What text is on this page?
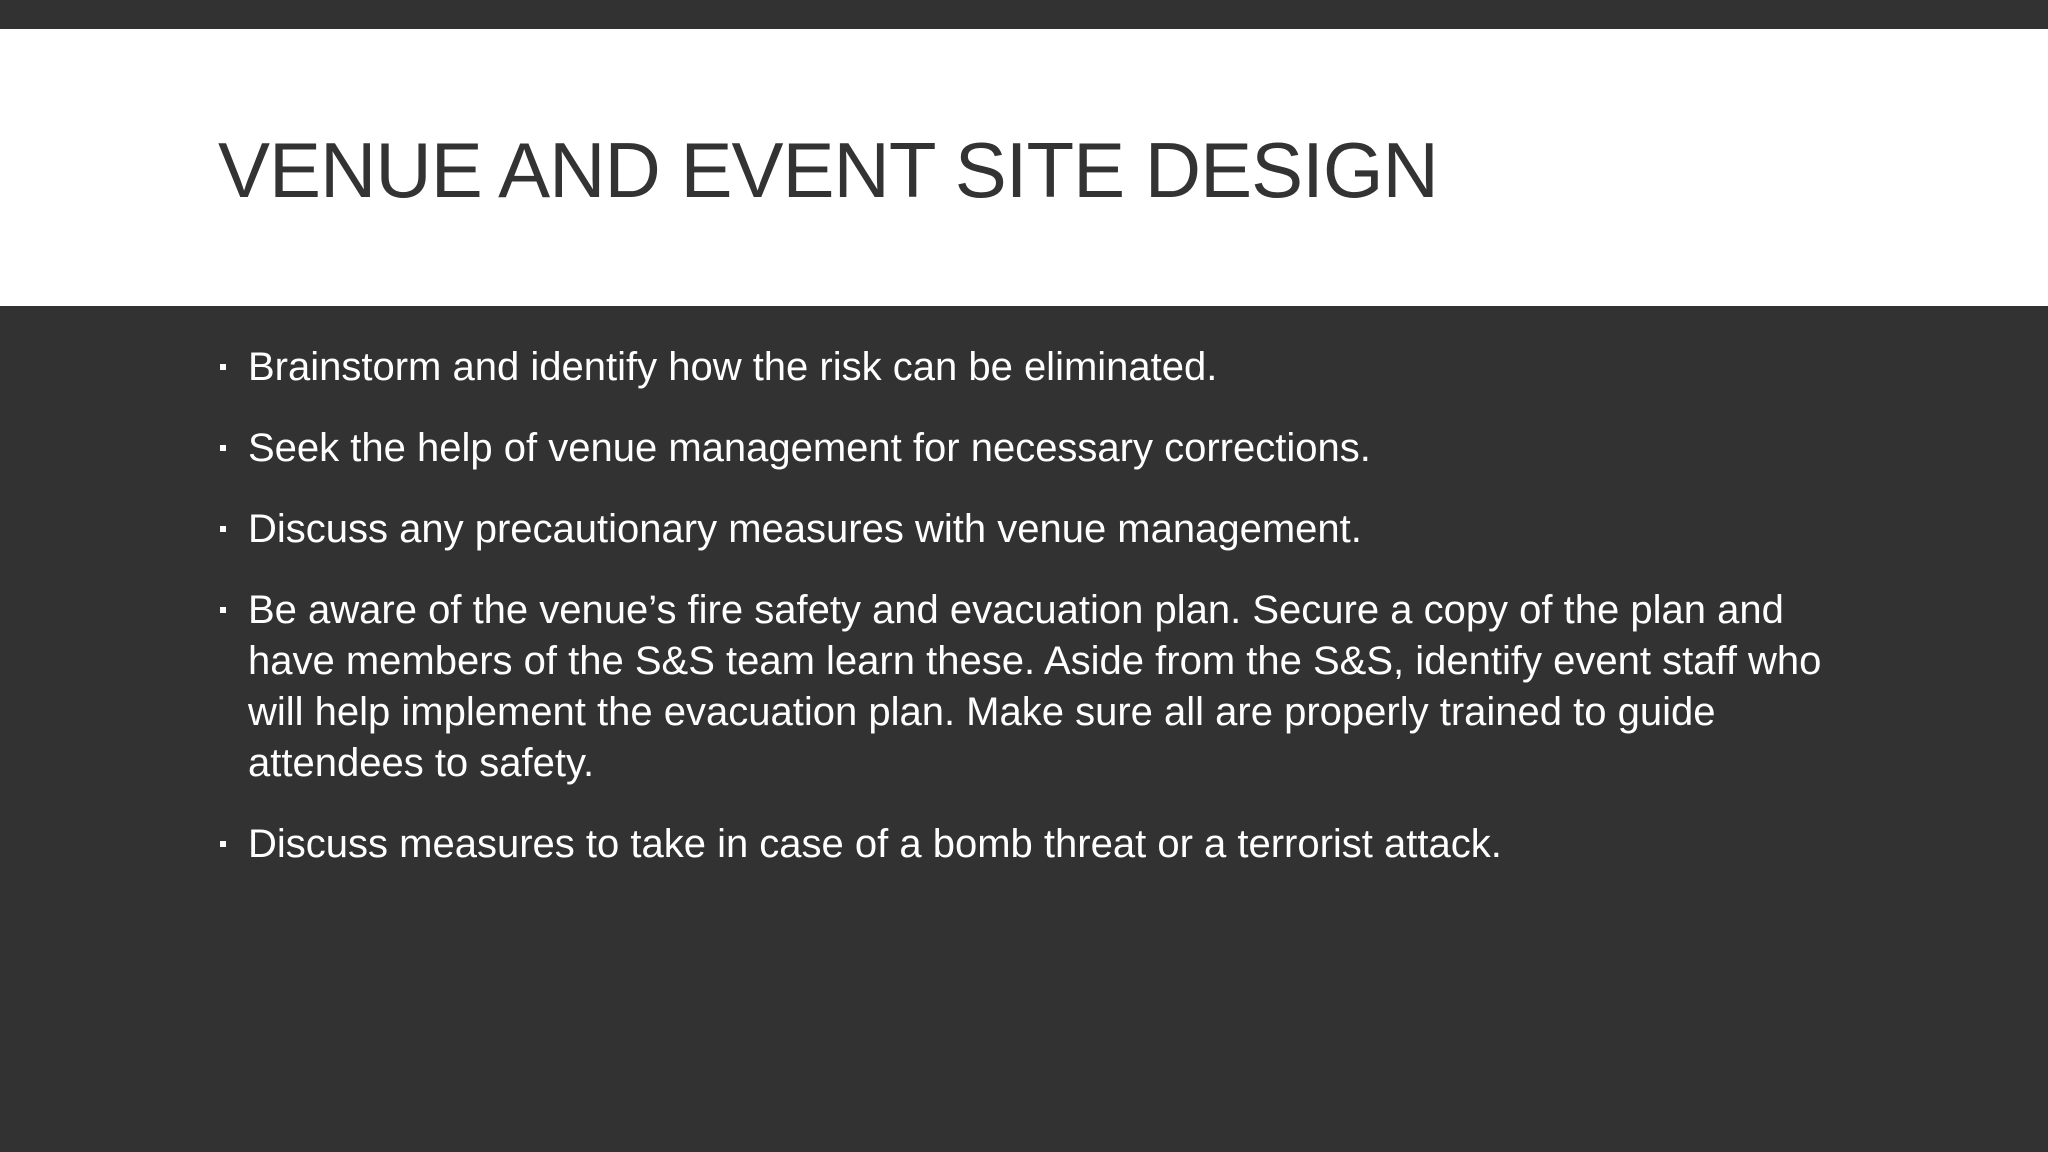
VENUE AND EVENT SITE DESIGN
Brainstorm and identify how the risk can be eliminated.
Seek the help of venue management for necessary corrections.
Discuss any precautionary measures with venue management.
Be aware of the venue’s fire safety and evacuation plan. Secure a copy of the plan and have members of the S&S team learn these. Aside from the S&S, identify event staff who will help implement the evacuation plan. Make sure all are properly trained to guide attendees to safety.
Discuss measures to take in case of a bomb threat or a terrorist attack.
